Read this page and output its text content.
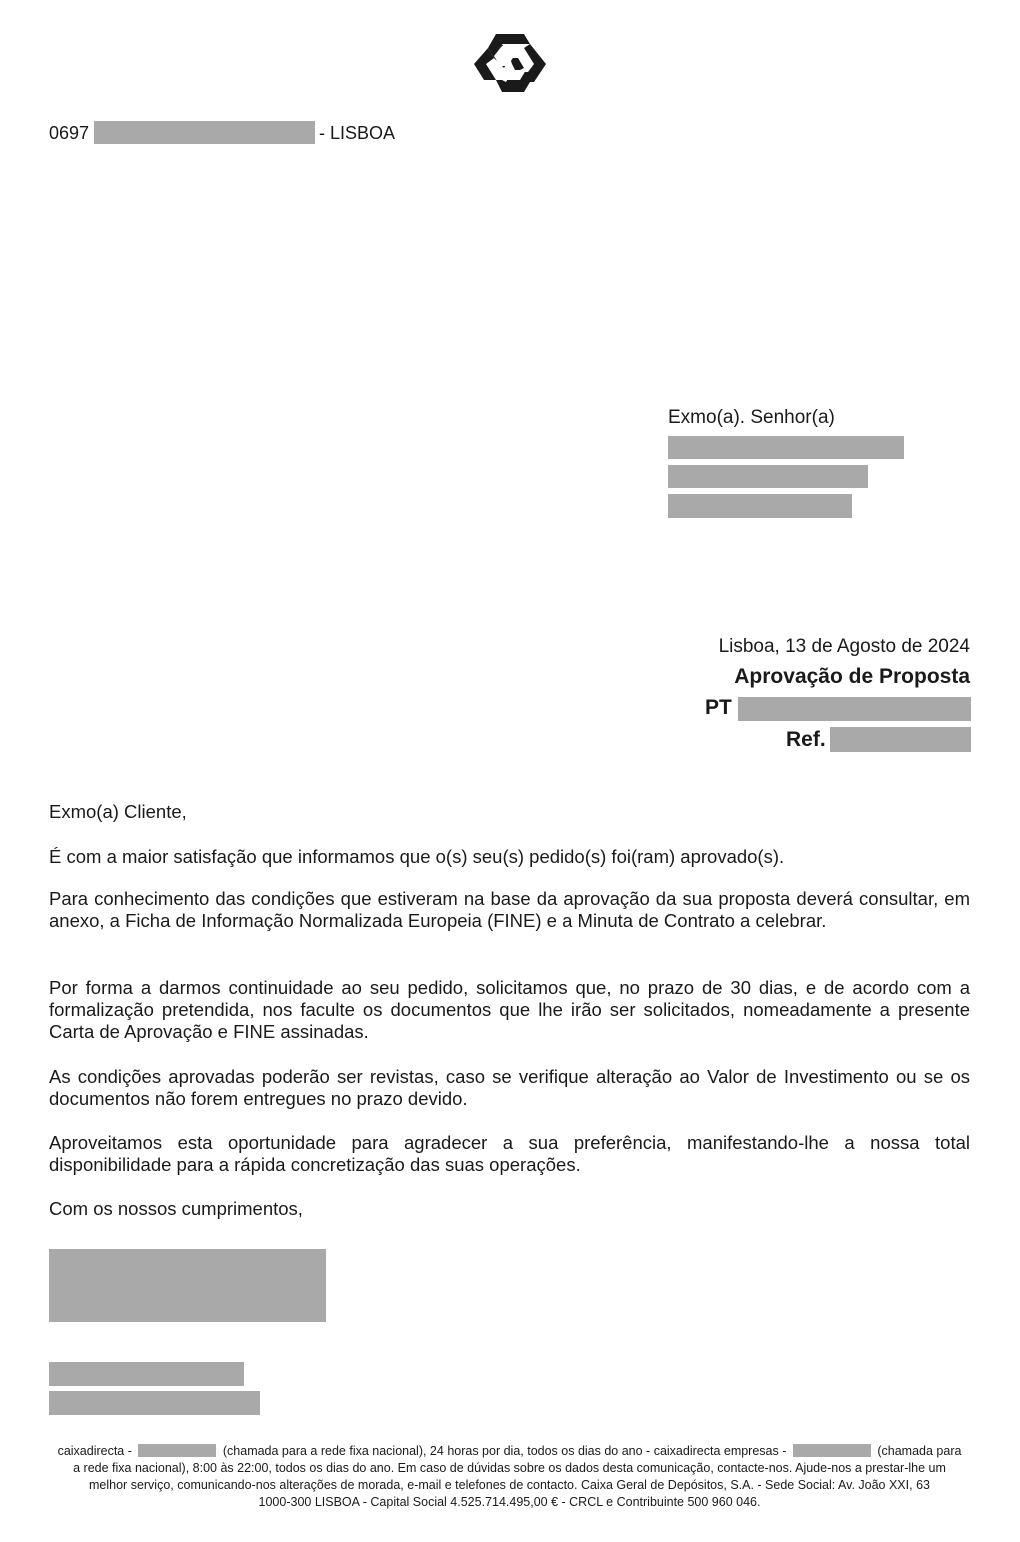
0697	- LISBOA
Exmo(a). Senhor(a)
Lisboa, 13 de Agosto de 2024
Aprovação de Proposta
PT
Ref.
Exmo(a) Cliente,
É com a maior satisfação que informamos que o(s) seu(s) pedido(s) foi(ram) aprovado(s).
Para conhecimento das condições que estiveram na base da aprovação da sua proposta deverá consultar, em anexo, a Ficha de Informação Normalizada Europeia (FINE) e a Minuta de Contrato a celebrar.
Por forma a darmos continuidade ao seu pedido, solicitamos que, no prazo de 30 dias, e de acordo com a formalização pretendida, nos faculte os documentos que lhe irão ser solicitados, nomeadamente a presente Carta de Aprovação e FINE assinadas.
As condições aprovadas poderão ser revistas, caso se verifique alteração ao Valor de Investimento ou se os documentos não forem entregues no prazo devido.
Aproveitamos esta oportunidade para agradecer a sua preferência, manifestando-lhe a nossa total disponibilidade para a rápida concretização das suas operações.
Com os nossos cumprimentos,
caixadirecta -	(chamada para a rede fixa nacional), 24 horas por dia, todos os dias do ano - caixadirecta empresas -	(chamada para
a rede fixa nacional), 8:00 às 22:00, todos os dias do ano. Em caso de dúvidas sobre os dados desta comunicação, contacte-nos. Ajude-nos a prestar-lhe um
melhor serviço, comunicando-nos alterações de morada, e-mail e telefones de contacto. Caixa Geral de Depósitos, S.A. - Sede Social: Av. João XXI, 63
1000-300 LISBOA - Capital Social 4.525.714.495,00 € - CRCL e Contribuinte 500 960 046.
